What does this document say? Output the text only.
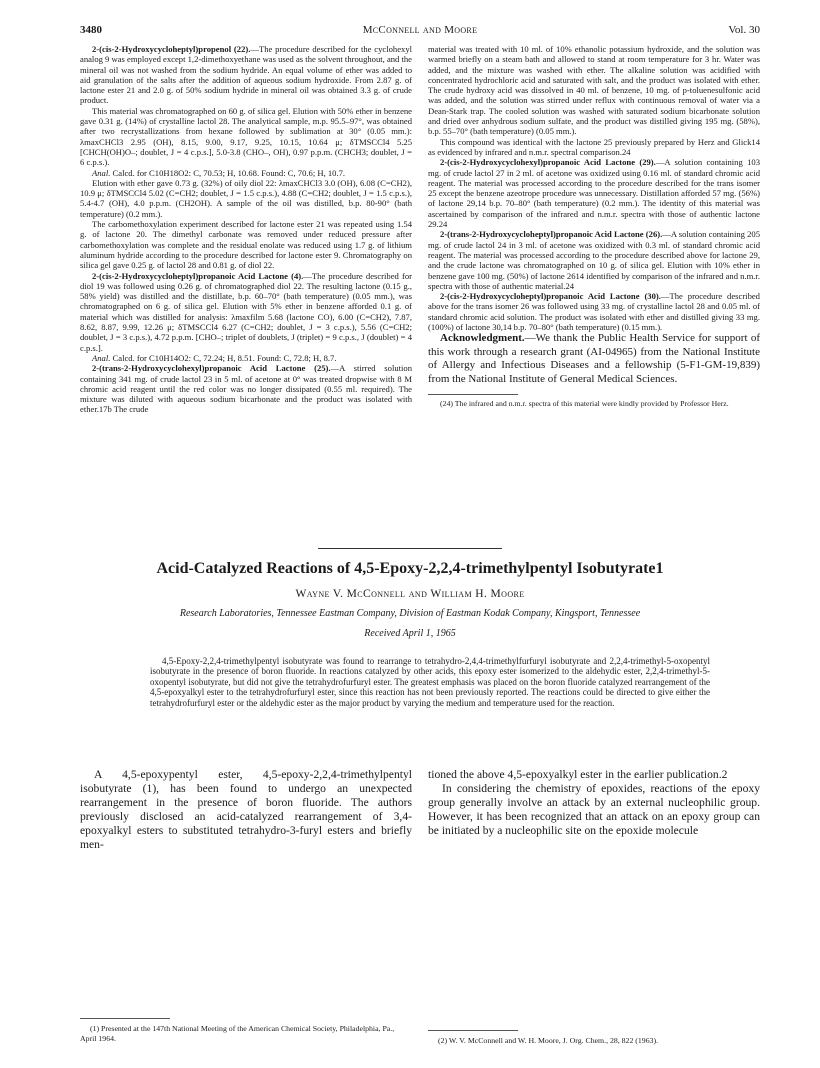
3480	McConnell and Moore	Vol. 30

2-(cis-2-Hydroxycycloheptyl)propenol (22).—The procedure described for the cyclohexyl analog 9 was employed except 1,2-dimethoxyethane was used as the solvent throughout, and the mineral oil was not washed from the sodium hydride. An equal volume of ether was added to aid granulation of the salts after the addition of aqueous sodium hydroxide. From 2.87 g. of lactone ester 21 and 2.0 g. of 50% sodium hydride in mineral oil was obtained 3.3 g. of crude product.

This material was chromatographed on 60 g. of silica gel. Elution with 50% ether in benzene gave 0.31 g. (14%) of crystalline lactol 28. The analytical sample, m.p. 95.5–97°, was obtained after two recrystallizations from hexane followed by sublimation at 30° (0.05 mm.): λmaxCHCl3 2.95 (OH), 8.15, 9.00, 9.17, 9.25, 10.15, 10.64 μ; δTMSCCl4 5.25 [CHCH(OH)O–; doublet, J = 4 c.p.s.], 5.0-3.8 (CHO–, OH), 0.97 p.p.m. (CHCH3; doublet, J = 6 c.p.s.).

Anal. Calcd. for C10H18O2: C, 70.53; H, 10.68. Found: C, 70.6; H, 10.7.

Elution with ether gave 0.73 g. (32%) of oily diol 22: λmaxCHCl3 3.0 (OH), 6.08 (C=CH2), 10.9 μ; δTMSCCl4 5.02 (C=CH2; doublet, J = 1.5 c.p.s.), 4.88 (C=CH2; doublet, J = 1.5 c.p.s.), 5.4-4.7 (OH), 4.0 p.p.m. (CH2OH). A sample of the oil was distilled, b.p. 80-90° (bath temperature) (0.2 mm.).

The carbomethoxylation experiment described for lactone ester 21 was repeated using 1.54 g. of lactone 20. The dimethyl carbonate was removed under reduced pressure after carbomethoxylation was complete and the residual enolate was reduced using 1.7 g. of lithium aluminum hydride according to the procedure described for lactone ester 9. Chromatography on silica gel gave 0.25 g. of lactol 28 and 0.81 g. of diol 22.

2-(cis-2-Hydroxycycloheptyl)propanoic Acid Lactone (4).—The procedure described for diol 19 was followed using 0.26 g. of chromatographed diol 22. The resulting lactone (0.15 g., 58% yield) was distilled and the distillate, b.p. 60–70° (bath temperature) (0.05 mm.), was chromatographed on 6 g. of silica gel. Elution with 5% ether in benzene afforded 0.1 g. of material which was distilled for analysis: λmaxfilm 5.68 (lactone CO), 6.00 (C=CH2), 7.87, 8.62, 8.87, 9.99, 12.26 μ; δTMSCCl4 6.27 (C=CH2; doublet, J = 3 c.p.s.), 5.56 (C=CH2; doublet, J = 3 c.p.s.), 4.72 p.p.m. [CHO–; triplet of doublets, J (triplet) = 9 c.p.s., J (doublet) = 4 c.p.s.].

Anal. Calcd. for C10H14O2: C, 72.24; H, 8.51. Found: C, 72.8; H, 8.7.

2-(trans-2-Hydroxycyclohexyl)propanoic Acid Lactone (25).—A stirred solution containing 341 mg. of crude lactol 23 in 5 ml. of acetone at 0° was treated dropwise with 8 M chromic acid reagent until the red color was no longer dissipated (0.55 ml. required). The mixture was diluted with aqueous sodium bicarbonate and the product was isolated with ether.17b The crude

material was treated with 10 ml. of 10% ethanolic potassium hydroxide, and the solution was warmed briefly on a steam bath and allowed to stand at room temperature for 3 hr. Water was added, and the mixture was washed with ether. The alkaline solution was acidified with concentrated hydrochloric acid and saturated with salt, and the product was isolated with ether. The crude hydroxy acid was dissolved in 40 ml. of benzene, 10 mg. of p-toluenesulfonic acid was added, and the solution was stirred under reflux with continuous removal of water via a Dean-Stark trap. The cooled solution was washed with saturated sodium bicarbonate solution and dried over anhydrous sodium sulfate, and the product was distilled giving 195 mg. (58%), b.p. 55–70° (bath temperature) (0.05 mm.).

This compound was identical with the lactone 25 previously prepared by Herz and Glick14 as evidenced by infrared and n.m.r. spectral comparison.24

2-(cis-2-Hydroxycyclohexyl)propanoic Acid Lactone (29).—A solution containing 103 mg. of crude lactol 27 in 2 ml. of acetone was oxidized using 0.16 ml. of standard chromic acid reagent. The material was processed according to the procedure described for the trans isomer 25 except the benzene azeotrope procedure was unnecessary. Distillation afforded 57 mg. (56%) of lactone 29,14 b.p. 70–80° (bath temperature) (0.2 mm.). The identity of this material was ascertained by comparison of the infrared and n.m.r. spectra with those of authentic lactone 29.24

2-(trans-2-Hydroxycycloheptyl)propanoic Acid Lactone (26).—A solution containing 205 mg. of crude lactol 24 in 3 ml. of acetone was oxidized with 0.3 ml. of standard chromic acid reagent. The material was processed according to the procedure described above for lactone 29, and the crude lactone was chromatographed on 10 g. of silica gel. Elution with 10% ether in benzene gave 100 mg. (50%) of lactone 2614 identified by comparison of the infrared and n.m.r. spectra with those of authentic material.24

2-(cis-2-Hydroxycycloheptyl)propanoic Acid Lactone (30).—The procedure described above for the trans isomer 26 was followed using 33 mg. of crystalline lactol 28 and 0.05 ml. of standard chromic acid solution. The product was isolated with ether and distilled giving 33 mg. (100%) of lactone 30,14 b.p. 70–80° (bath temperature) (0.15 mm.).

Acknowledgment.—We thank the Public Health Service for support of this work through a research grant (AI-04965) from the National Institute of Allergy and Infectious Diseases and a fellowship (5-F1-GM-19,839) from the National Institute of General Medical Sciences.

(24) The infrared and n.m.r. spectra of this material were kindly provided by Professor Herz.

Acid-Catalyzed Reactions of 4,5-Epoxy-2,2,4-trimethylpentyl Isobutyrate1
Wayne V. McConnell and William H. Moore
Research Laboratories, Tennessee Eastman Company, Division of Eastman Kodak Company, Kingsport, Tennessee
Received April 1, 1965

4,5-Epoxy-2,2,4-trimethylpentyl isobutyrate was found to rearrange to tetrahydro-2,4,4-trimethylfurfuryl isobutyrate and 2,2,4-trimethyl-5-oxopentyl isobutyrate in the presence of boron fluoride. In reactions catalyzed by other acids, this epoxy ester isomerized to the aldehydic ester, 2,2,4-trimethyl-5-oxopentyl isobutyrate, but did not give the tetrahydrofurfuryl ester. The greatest emphasis was placed on the boron fluoride catalyzed rearrangement of the 4,5-epoxyalkyl ester to the tetrahydrofurfuryl ester, since this reaction has not been previously reported. The reactions could be directed to give either the tetrahydrofurfuryl ester or the aldehydic ester as the major product by varying the medium and temperature used for the reaction.

A 4,5-epoxypentyl ester, 4,5-epoxy-2,2,4-trimethylpentyl isobutyrate (1), has been found to undergo an unexpected rearrangement in the presence of boron fluoride. The authors previously disclosed an acid-catalyzed rearrangement of 3,4-epoxyalkyl esters to substituted tetrahydro-3-furyl esters and briefly men-

tioned the above 4,5-epoxyalkyl ester in the earlier publication.2

In considering the chemistry of epoxides, reactions of the epoxy group generally involve an attack by an external nucleophilic group. However, it has been recognized that an attack on an epoxy group can be initiated by a nucleophilic site on the epoxide molecule

(1) Presented at the 147th National Meeting of the American Chemical Society, Philadelphia, Pa., April 1964.	(2) W. V. McConnell and W. H. Moore, J. Org. Chem., 28, 822 (1963).
